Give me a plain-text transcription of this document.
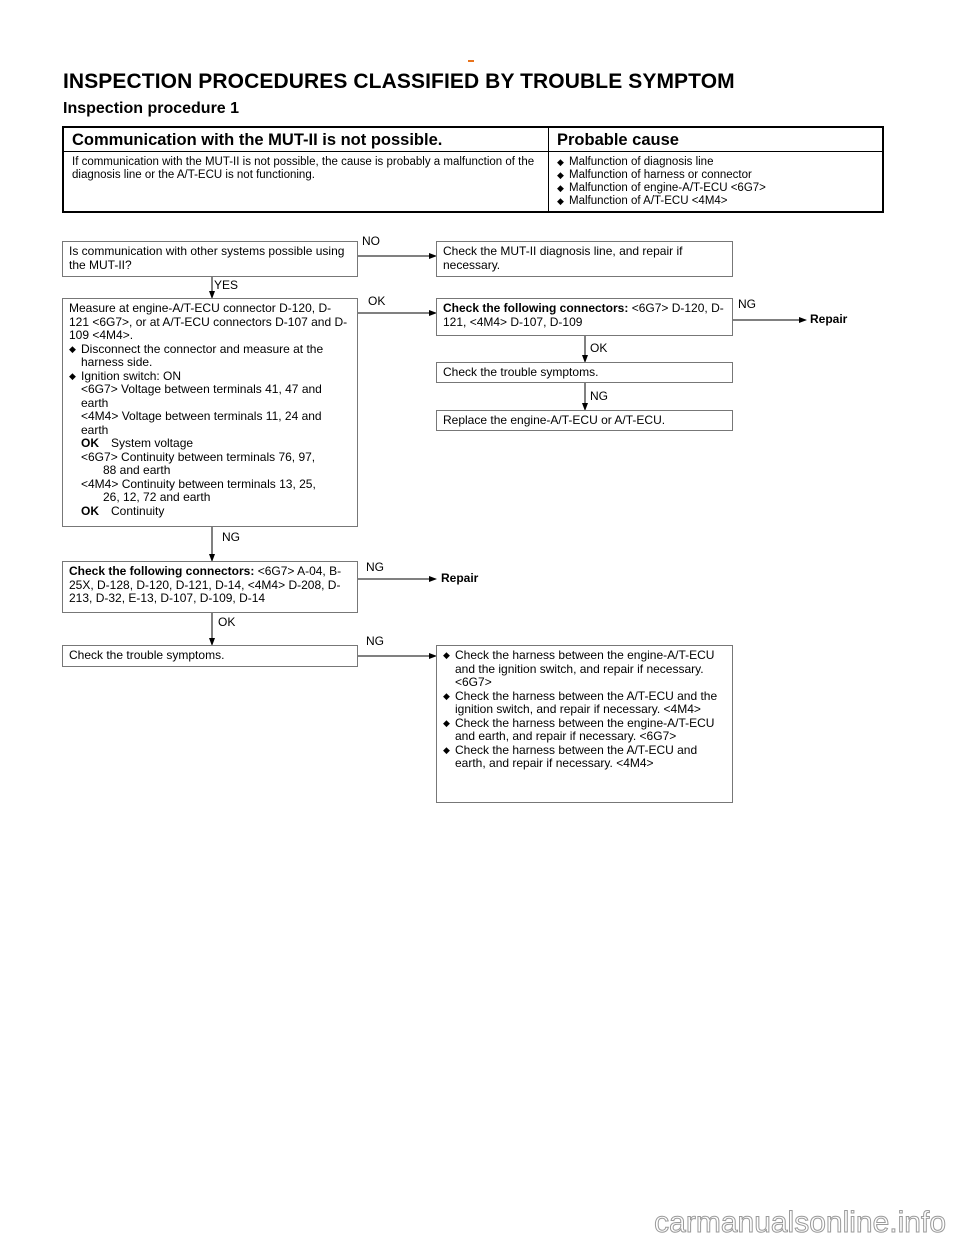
INSPECTION PROCEDURES CLASSIFIED BY TROUBLE SYMPTOM
Inspection procedure 1
Communication with the MUT-II is not possible.	Probable cause
If communication with the MUT-II is not possible, the cause is probably a malfunction of the diagnosis line or the A/T-ECU is not functioning.
◆ Malfunction of diagnosis line
◆ Malfunction of harness or connector
◆ Malfunction of engine-A/T-ECU <6G7>
◆ Malfunction of A/T-ECU <4M4>
Is communication with other systems possible using the MUT-II?
NO
Check the MUT-II diagnosis line, and repair if necessary.
YES
Measure at engine-A/T-ECU connector D-120, D-121 <6G7>, or at A/T-ECU connectors D-107 and D-109 <4M4>.
◆ Disconnect the connector and measure at the harness side.
◆ Ignition switch: ON
<6G7> Voltage between terminals 41, 47 and earth
<4M4> Voltage between terminals 11, 24 and earth
OK	System voltage
<6G7> Continuity between terminals 76, 97,
88 and earth
<4M4> Continuity between terminals 13, 25,
26, 12, 72 and earth
OK	Continuity
OK	Check the following connectors: <6G7> D-120, D-121, <4M4> D-107, D-109
NG
Repair
OK
Check the trouble symptoms.
NG
Replace the engine-A/T-ECU or A/T-ECU.
NG
Check the following connectors: <6G7> A-04, B-25X, D-128, D-120, D-121, D-14, <4M4> D-208, D-213, D-32, E-13, D-107, D-109, D-14
NG
Repair
OK
Check the trouble symptoms.
NG
◆ Check the harness between the engine-A/T-ECU and the ignition switch, and repair if necessary. <6G7>
◆ Check the harness between the A/T-ECU and the ignition switch, and repair if necessary. <4M4>
◆ Check the harness between the engine-A/T-ECU and earth, and repair if necessary. <6G7>
◆ Check the harness between the A/T-ECU and earth, and repair if necessary. <4M4>
carmanualsonline.info
